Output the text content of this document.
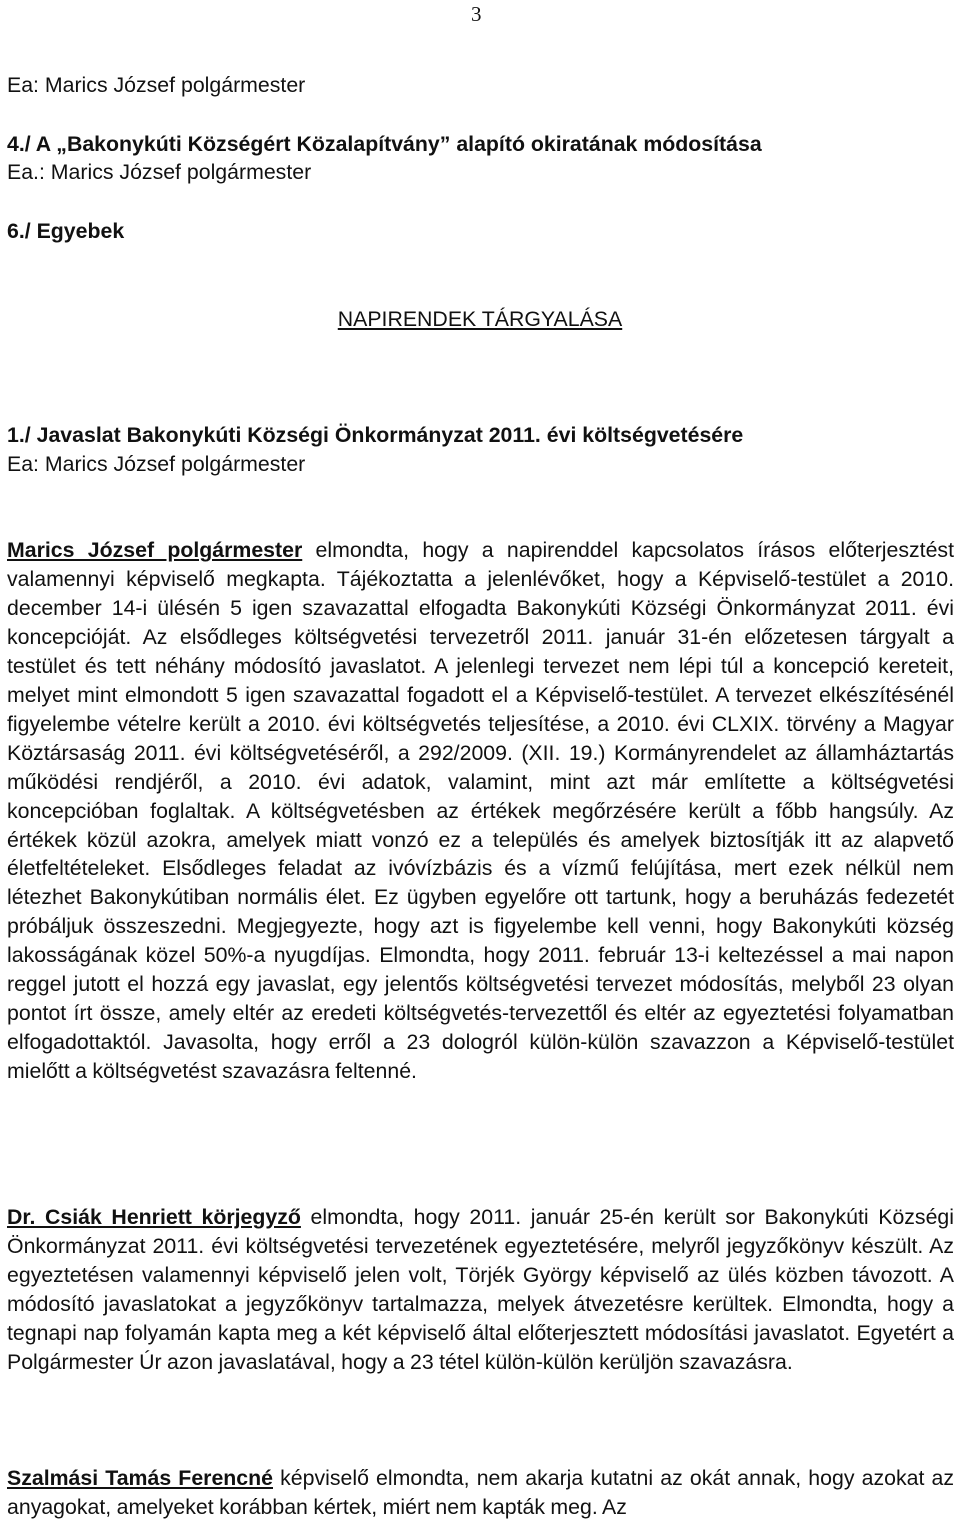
3
Ea: Marics József polgármester
4./ A „Bakonykúti Községért Közalapítvány” alapító okiratának módosítása
Ea.: Marics József polgármester
6./ Egyebek
NAPIRENDEK TÁRGYALÁSA
1./ Javaslat Bakonykúti Községi Önkormányzat 2011. évi költségvetésére
Ea: Marics József polgármester
Marics József polgármester elmondta, hogy a napirenddel kapcsolatos írásos előterjesztést valamennyi képviselő megkapta. Tájékoztatta a jelenlévőket, hogy a Képviselő-testület a 2010. december 14-i ülésén 5 igen szavazattal elfogadta Bakonykúti Községi Önkormányzat 2011. évi koncepcióját. Az elsődleges költségvetési tervezetről 2011. január 31-én előzetesen tárgyalt a testület és tett néhány módosító javaslatot. A jelenlegi tervezet nem lépi túl a koncepció kereteit, melyet mint elmondott 5 igen szavazattal fogadott el a Képviselő-testület. A tervezet elkészítésénél figyelembe vételre került a 2010. évi költségvetés teljesítése, a 2010. évi CLXIX. törvény a Magyar Köztársaság 2011. évi költségvetéséről, a 292/2009. (XII. 19.) Kormányrendelet az államháztartás működési rendjéről, a 2010. évi adatok, valamint, mint azt már említette a költségvetési koncepcióban foglaltak. A költségvetésben az értékek megőrzésére került a főbb hangsúly. Az értékek közül azokra, amelyek miatt vonzó ez a település és amelyek biztosítják itt az alapvető életfeltételeket. Elsődleges feladat az ivóvízbázis és a vízmű felújítása, mert ezek nélkül nem létezhet Bakonykútiban normális élet. Ez ügyben egyelőre ott tartunk, hogy a beruházás fedezetét próbáljuk összeszedni. Megjegyezte, hogy azt is figyelembe kell venni, hogy Bakonykúti község lakosságának közel 50%-a nyugdíjas. Elmondta, hogy 2011. február 13-i keltezéssel a mai napon reggel jutott el hozzá egy javaslat, egy jelentős költségvetési tervezet módosítás, melyből 23 olyan pontot írt össze, amely eltér az eredeti költségvetés-tervezettől és eltér az egyeztetési folyamatban elfogadottaktól. Javasolta, hogy erről a 23 dologról külön-külön szavazzon a Képviselő-testület mielőtt a költségvetést szavazásra feltenné.
Dr. Csiák Henriett körjegyző elmondta, hogy 2011. január 25-én került sor Bakonykúti Községi Önkormányzat 2011. évi költségvetési tervezetének egyeztetésére, melyről jegyzőkönyv készült. Az egyeztetésen valamennyi képviselő jelen volt, Törjék György képviselő az ülés közben távozott. A módosító javaslatokat a jegyzőkönyv tartalmazza, melyek átvezetésre kerültek. Elmondta, hogy a tegnapi nap folyamán kapta meg a két képviselő által előterjesztett módosítási javaslatot. Egyetért a Polgármester Úr azon javaslatával, hogy a 23 tétel külön-külön kerüljön szavazásra.
Szalmási Tamás Ferencné képviselő elmondta, nem akarja kutatni az okát annak, hogy azokat az anyagokat, amelyeket korábban kértek, miért nem kapták meg. Az
